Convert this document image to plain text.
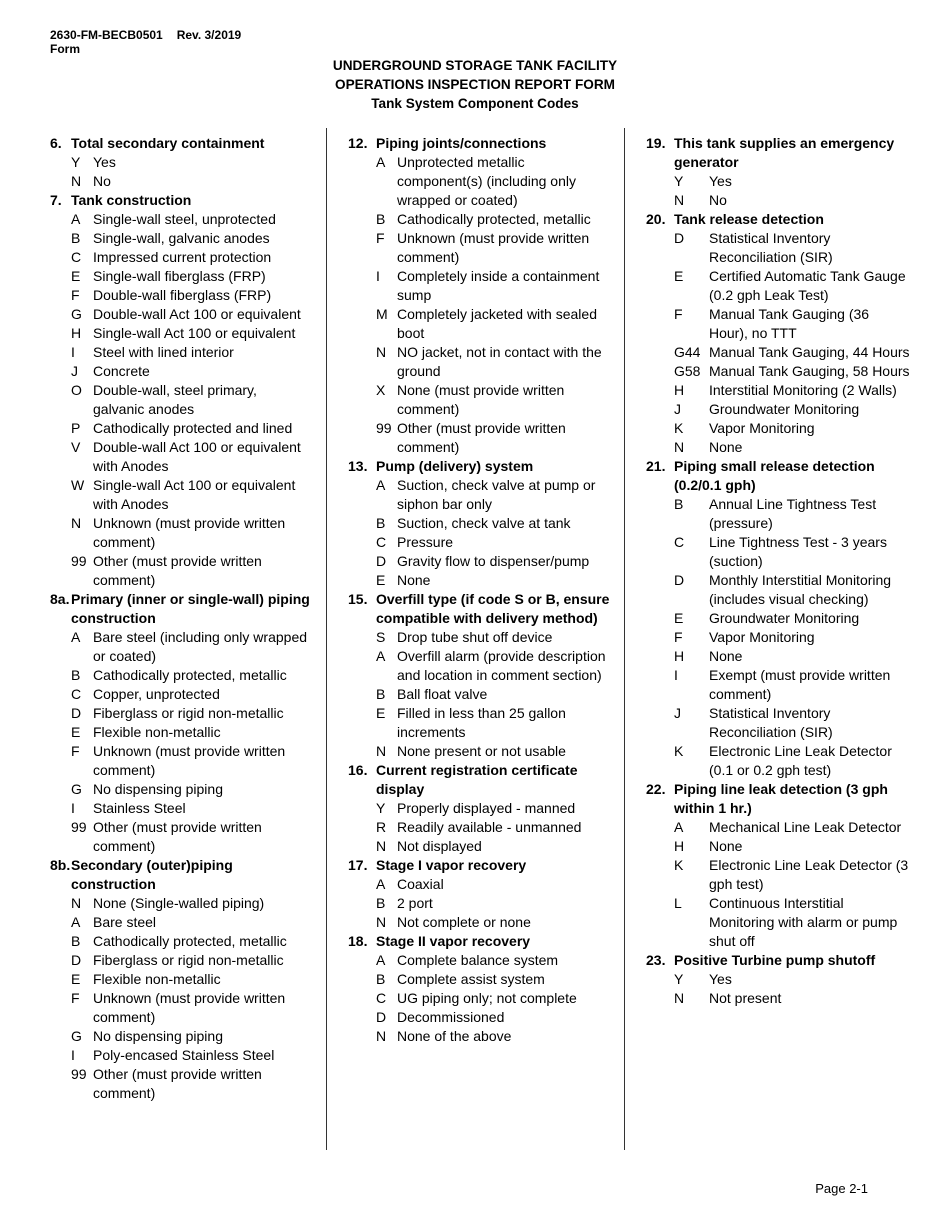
2630-FM-BECB0501 Rev. 3/2019
Form
UNDERGROUND STORAGE TANK FACILITY
OPERATIONS INSPECTION REPORT FORM
Tank System Component Codes
6. Total secondary containment
Y Yes
N No
7. Tank construction
A Single-wall steel, unprotected
B Single-wall, galvanic anodes
C Impressed current protection
E Single-wall fiberglass (FRP)
F Double-wall fiberglass (FRP)
G Double-wall Act 100 or equivalent
H Single-wall Act 100 or equivalent
I	Steel with lined interior
J	Concrete
O Double-wall, steel primary, galvanic anodes
P Cathodically protected and lined
V Double-wall Act 100 or equivalent with Anodes
W Single-wall Act 100 or equivalent with Anodes
N Unknown (must provide written comment)
99 Other (must provide written comment)
8a. Primary (inner or single-wall) piping construction
A Bare steel (including only wrapped or coated)
B Cathodically protected, metallic
C Copper, unprotected
D Fiberglass or rigid non-metallic
E Flexible non-metallic
F Unknown (must provide written comment)
G No dispensing piping
I	Stainless Steel
99 Other (must provide written comment)
8b. Secondary (outer)piping construction
N None (Single-walled piping)
A Bare steel
B Cathodically protected, metallic
D Fiberglass or rigid non-metallic
E Flexible non-metallic
F Unknown (must provide written comment)
G No dispensing piping
I	Poly-encased Stainless Steel
99 Other (must provide written comment)
12. Piping joints/connections
A Unprotected metallic component(s) (including only wrapped or coated)
B Cathodically protected, metallic
F Unknown (must provide written comment)
I	Completely inside a containment sump
M Completely jacketed with sealed boot
N NO jacket, not in contact with the ground
X None (must provide written comment)
99 Other (must provide written comment)
13. Pump (delivery) system
A Suction, check valve at pump or siphon bar only
B Suction, check valve at tank
C Pressure
D Gravity flow to dispenser/pump
E None
15. Overfill type (if code S or B, ensure compatible with delivery method)
S Drop tube shut off device
A Overfill alarm (provide description and location in comment section)
B Ball float valve
E Filled in less than 25 gallon increments
N None present or not usable
16. Current registration certificate display
Y Properly displayed - manned
R Readily available - unmanned
N Not displayed
17. Stage I vapor recovery
A Coaxial
B 2 port
N Not complete or none
18. Stage II vapor recovery
A Complete balance system
B Complete assist system
C UG piping only; not complete
D Decommissioned
N None of the above
19. This tank supplies an emergency generator
Y	Yes
N	No
20. Tank release detection
D	Statistical Inventory Reconciliation (SIR)
E	Certified Automatic Tank Gauge (0.2 gph Leak Test)
F	Manual Tank Gauging (36 Hour), no TTT
G44 Manual Tank Gauging, 44 Hours
G58 Manual Tank Gauging, 58 Hours
H	Interstitial Monitoring (2 Walls)
J	Groundwater Monitoring
K	Vapor Monitoring
N	None
21. Piping small release detection (0.2/0.1 gph)
B	Annual Line Tightness Test (pressure)
C	Line Tightness Test - 3 years (suction)
D	Monthly Interstitial Monitoring (includes visual checking)
E	Groundwater Monitoring
F	Vapor Monitoring
H	None
I	Exempt (must provide written comment)
J	Statistical Inventory Reconciliation (SIR)
K	Electronic Line Leak Detector (0.1 or 0.2 gph test)
22. Piping line leak detection (3 gph within 1 hr.)
A	Mechanical Line Leak Detector
H	None
K	Electronic Line Leak Detector (3 gph test)
L	Continuous Interstitial Monitoring with alarm or pump shut off
23. Positive Turbine pump shutoff
Y	Yes
N	Not present
Page 2-1
